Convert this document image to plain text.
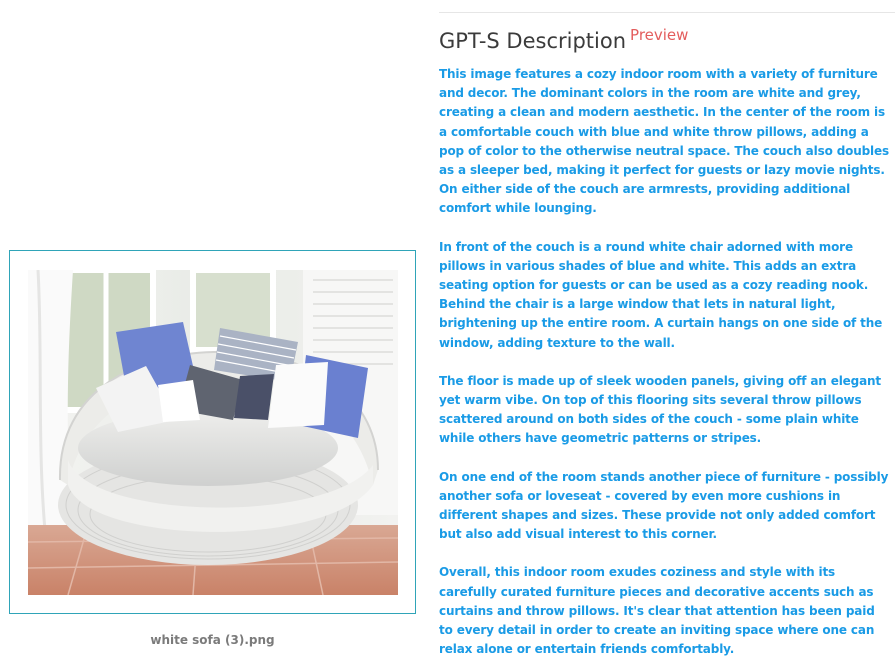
white sofa (3).png
GPT-S Description Preview

This image features a cozy indoor room with a variety of furniture and decor. The dominant colors in the room are white and grey, creating a clean and modern aesthetic. In the center of the room is a comfortable couch with blue and white throw pillows, adding a pop of color to the otherwise neutral space. The couch also doubles as a sleeper bed, making it perfect for guests or lazy movie nights. On either side of the couch are armrests, providing additional comfort while lounging.

In front of the couch is a round white chair adorned with more pillows in various shades of blue and white. This adds an extra seating option for guests or can be used as a cozy reading nook. Behind the chair is a large window that lets in natural light, brightening up the entire room. A curtain hangs on one side of the window, adding texture to the wall.

The floor is made up of sleek wooden panels, giving off an elegant yet warm vibe. On top of this flooring sits several throw pillows scattered around on both sides of the couch - some plain white while others have geometric patterns or stripes.

On one end of the room stands another piece of furniture - possibly another sofa or loveseat - covered by even more cushions in different shapes and sizes. These provide not only added comfort but also add visual interest to this corner.

Overall, this indoor room exudes coziness and style with its carefully curated furniture pieces and decorative accents such as curtains and throw pillows. It's clear that attention has been paid to every detail in order to create an inviting space where one can relax alone or entertain friends comfortably.
